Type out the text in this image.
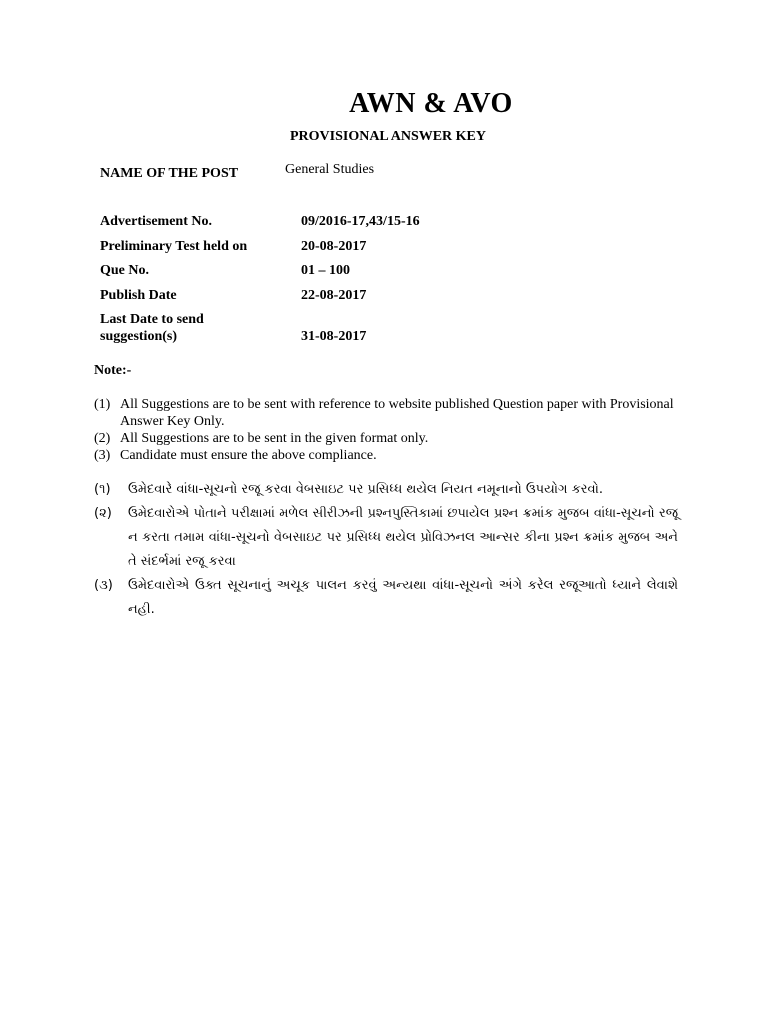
AWN & AVO
PROVISIONAL ANSWER KEY
NAME OF THE POST	General Studies
Advertisement No.	09/2016-17,43/15-16
Preliminary Test held on	20-08-2017
Que No.	01 – 100
Publish Date	22-08-2017
Last Date to send suggestion(s)	31-08-2017
Note:-
(1) All Suggestions are to be sent with reference to website published Question paper with Provisional Answer Key Only.
(2) All Suggestions are to be sent in the given format only.
(3) Candidate must ensure the above compliance.
(૧) ઉમેદવારે વાંધા-સૂચનો રજૂ કરવા વેબસાઇટ પર પ્રસિધ્ધ થયેલ નિયત નમૂનાનો ઉપયોગ કરવો.
(૨) ઉમેદવારોએ પોતાને પરીક્ષામાં મળેલ સીરીઝની પ્રશ્નપુસ્તિકામાં છપાયેલ પ્રશ્ન ક્રમાંક મુજબ વાંધા-સૂચનો રજૂ ન કરતા તમામ વાંધા-સૂચનો વેબસાઇટ પર પ્રસિધ્ધ થયેલ પ્રોવિઝનલ આન્સર કીના પ્રશ્ન ક્રમાંક મુજબ અને તે સંદર્ભમાં રજૂ કરવા
(૩) ઉમેદવારોએ ઉક્ત સૂચનાનું અચૂક પાલન કરવું અન્યથા વાંધા-સૂચનો અંગે કરેલ રજૂઆતો ધ્યાને લેવાશે નહી.
